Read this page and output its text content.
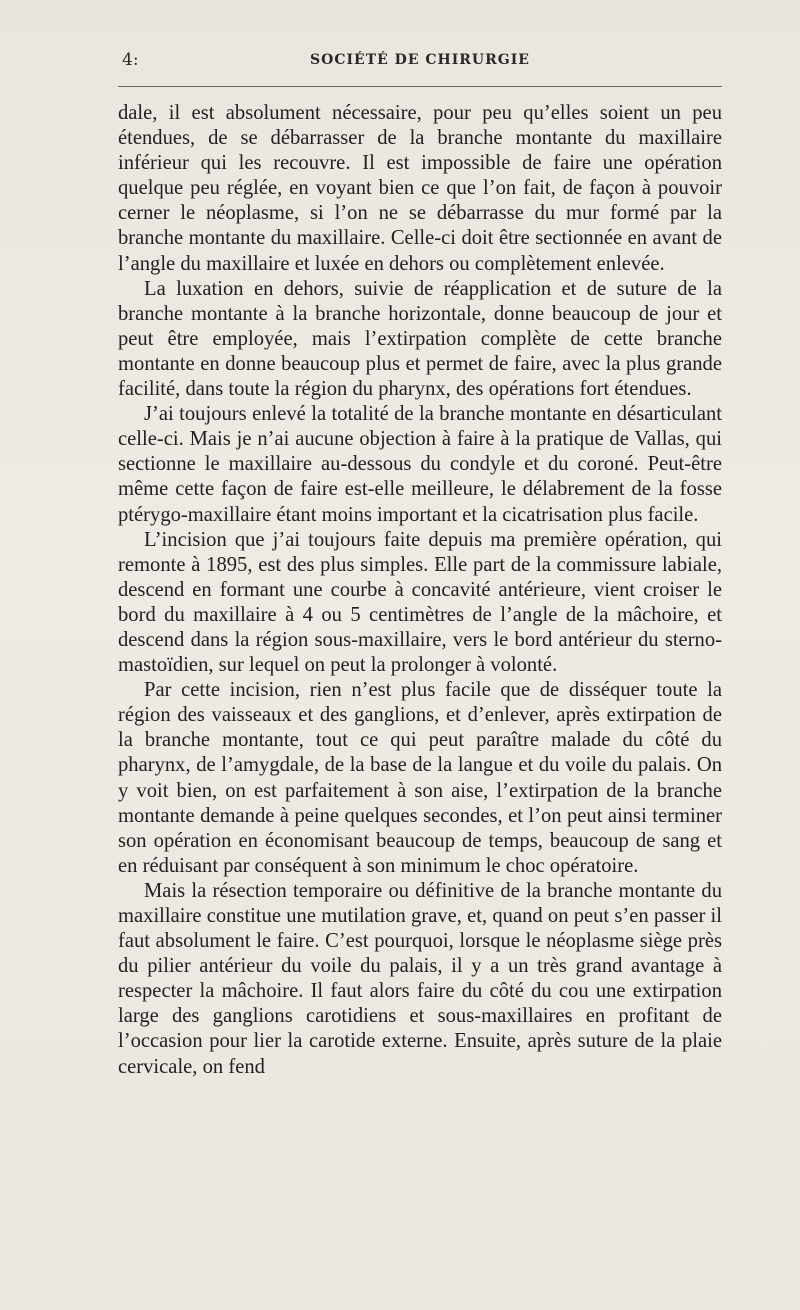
4:	SOCIÉTÉ DE CHIRURGIE

dale, il est absolument nécessaire, pour peu qu’elles soient un peu étendues, de se débarrasser de la branche montante du maxillaire inférieur qui les recouvre. Il est impossible de faire une opération quelque peu réglée, en voyant bien ce que l’on fait, de façon à pouvoir cerner le néoplasme, si l’on ne se débarrasse du mur formé par la branche montante du maxillaire. Celle-ci doit être sectionnée en avant de l’angle du maxillaire et luxée en dehors ou complètement enlevée.

La luxation en dehors, suivie de réapplication et de suture de la branche montante à la branche horizontale, donne beaucoup de jour et peut être employée, mais l’extirpation complète de cette branche montante en donne beaucoup plus et permet de faire, avec la plus grande facilité, dans toute la région du pharynx, des opérations fort étendues.

J’ai toujours enlevé la totalité de la branche montante en désarticulant celle-ci. Mais je n’ai aucune objection à faire à la pratique de Vallas, qui sectionne le maxillaire au-dessous du condyle et du coroné. Peut-être même cette façon de faire est-elle meilleure, le délabrement de la fosse ptérygo-maxillaire étant moins important et la cicatrisation plus facile.

L’incision que j’ai toujours faite depuis ma première opération, qui remonte à 1895, est des plus simples. Elle part de la commissure labiale, descend en formant une courbe à concavité antérieure, vient croiser le bord du maxillaire à 4 ou 5 centimètres de l’angle de la mâchoire, et descend dans la région sous-maxillaire, vers le bord antérieur du sterno-mastoïdien, sur lequel on peut la prolonger à volonté.

Par cette incision, rien n’est plus facile que de disséquer toute la région des vaisseaux et des ganglions, et d’enlever, après extirpation de la branche montante, tout ce qui peut paraître malade du côté du pharynx, de l’amygdale, de la base de la langue et du voile du palais. On y voit bien, on est parfaitement à son aise, l’extirpation de la branche montante demande à peine quelques secondes, et l’on peut ainsi terminer son opération en économisant beaucoup de temps, beaucoup de sang et en réduisant par conséquent à son minimum le choc opératoire.

Mais la résection temporaire ou définitive de la branche montante du maxillaire constitue une mutilation grave, et, quand on peut s’en passer il faut absolument le faire. C’est pourquoi, lorsque le néoplasme siège près du pilier antérieur du voile du palais, il y a un très grand avantage à respecter la mâchoire. Il faut alors faire du côté du cou une extirpation large des ganglions carotidiens et sous-maxillaires en profitant de l’occasion pour lier la carotide externe. Ensuite, après suture de la plaie cervicale, on fend
